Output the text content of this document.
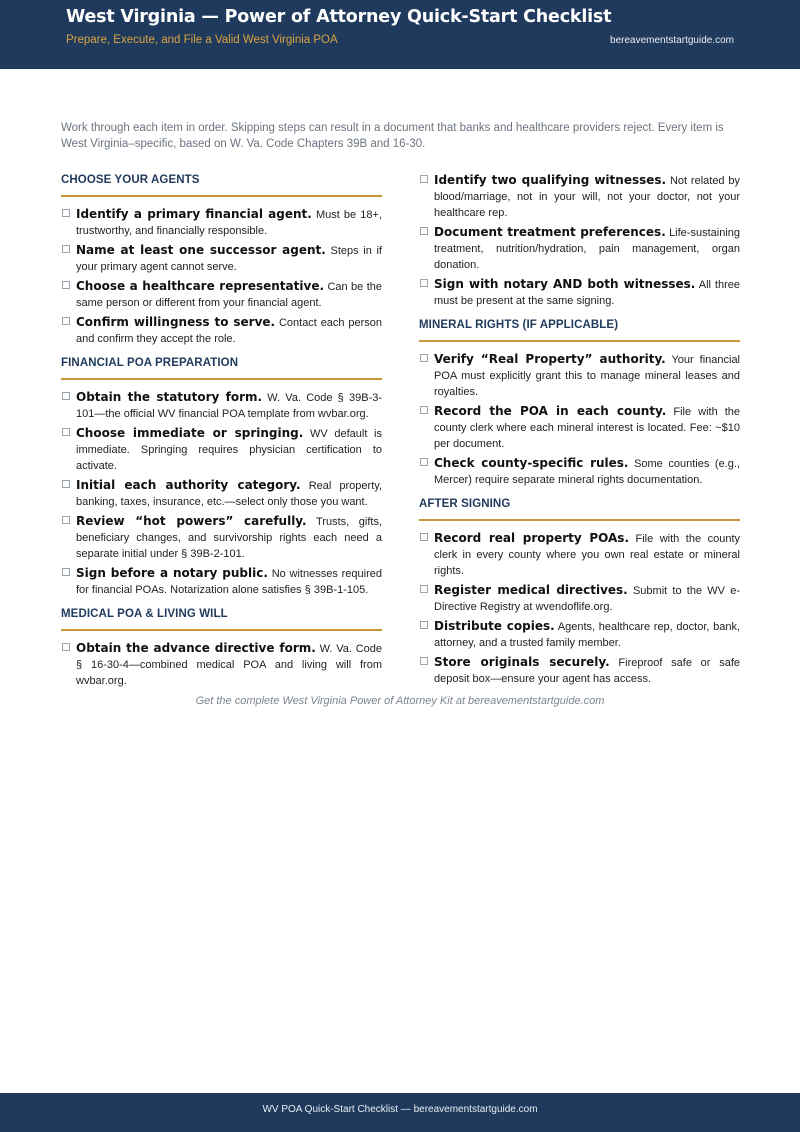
West Virginia — Power of Attorney Quick-Start Checklist
Prepare, Execute, and File a Valid West Virginia POA	bereavementstartguide.com
Work through each item in order. Skipping steps can result in a document that banks and healthcare providers reject. Every item is West Virginia–specific, based on W. Va. Code Chapters 39B and 16-30.
CHOOSE YOUR AGENTS

Identify a primary financial agent. Must be 18+, trustworthy, and financially responsible.

Name at least one successor agent. Steps in if your primary agent cannot serve.

Choose a healthcare representative. Can be the same person or different from your financial agent.

Confirm willingness to serve. Contact each person and confirm they accept the role.

FINANCIAL POA PREPARATION

Obtain the statutory form. W. Va. Code § 39B-3-101—the official WV financial POA template from wvbar.org.

Choose immediate or springing. WV default is immediate. Springing requires physician certification to activate.

Initial each authority category. Real property, banking, taxes, insurance, etc.—select only those you want.

Review “hot powers” carefully. Trusts, gifts, beneficiary changes, and survivorship rights each need a separate initial under § 39B-2-101.

Sign before a notary public. No witnesses required for financial POAs. Notarization alone satisfies § 39B-1-105.

MEDICAL POA & LIVING WILL

Obtain the advance directive form. W. Va. Code § 16-30-4—combined medical POA and living will from wvbar.org.

Identify two qualifying witnesses. Not related by blood/marriage, not in your will, not your doctor, not your healthcare rep.

Document treatment preferences. Life-sustaining treatment, nutrition/hydration, pain management, organ donation.

Sign with notary AND both witnesses. All three must be present at the same signing.

MINERAL RIGHTS (IF APPLICABLE)

Verify “Real Property” authority. Your financial POA must explicitly grant this to manage mineral leases and royalties.

Record the POA in each county. File with the county clerk where each mineral interest is located. Fee: ~$10 per document.

Check county-specific rules. Some counties (e.g., Mercer) require separate mineral rights documentation.

AFTER SIGNING

Record real property POAs. File with the county clerk in every county where you own real estate or mineral rights.

Register medical directives. Submit to the WV e-Directive Registry at wvendoflife.org.

Distribute copies. Agents, healthcare rep, doctor, bank, attorney, and a trusted family member.

Store originals securely. Fireproof safe or safe deposit box—ensure your agent has access.

Get the complete West Virginia Power of Attorney Kit at bereavementstartguide.com
WV POA Quick-Start Checklist — bereavementstartguide.com
